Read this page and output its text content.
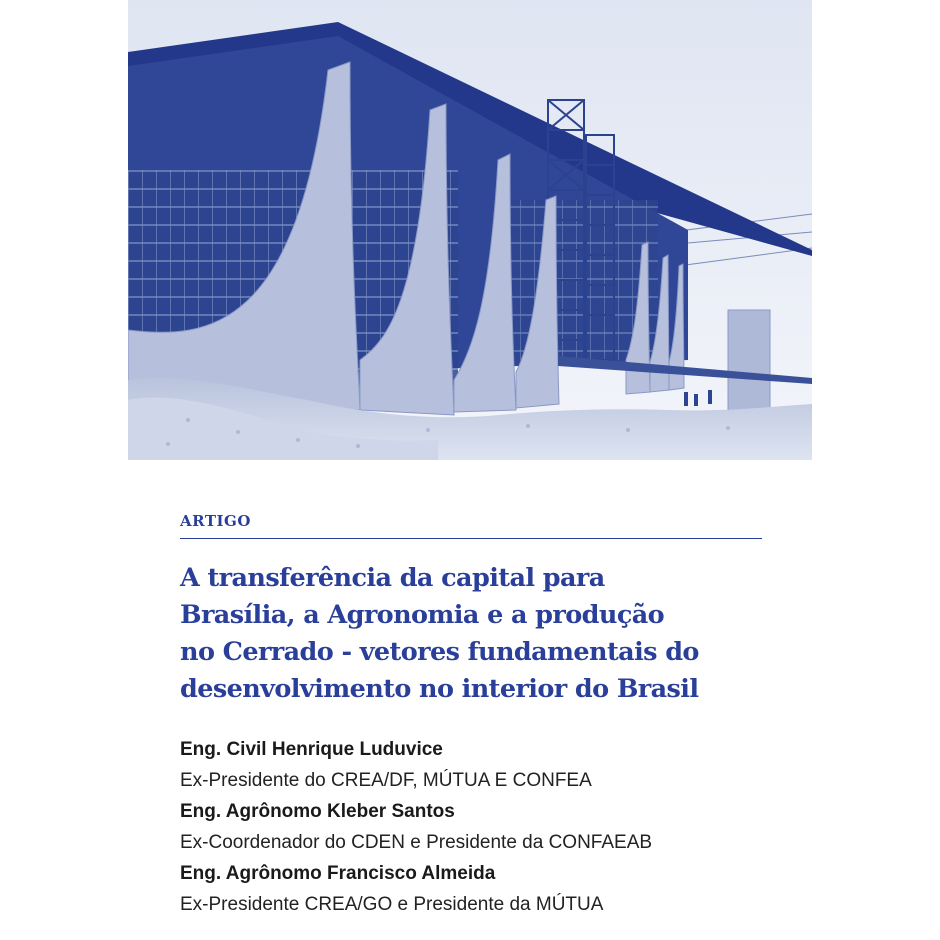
ARTIGO
A transferência da capital para
Brasília, a Agronomia e a produção
no Cerrado - vetores fundamentais do
desenvolvimento no interior do Brasil
Eng. Civil Henrique Luduvice
Ex-Presidente do CREA/DF, MÚTUA E CONFEA
Eng. Agrônomo Kleber Santos
Ex-Coordenador do CDEN e Presidente da CONFAEAB
Eng. Agrônomo Francisco Almeida
Ex-Presidente CREA/GO e Presidente da MÚTUA
